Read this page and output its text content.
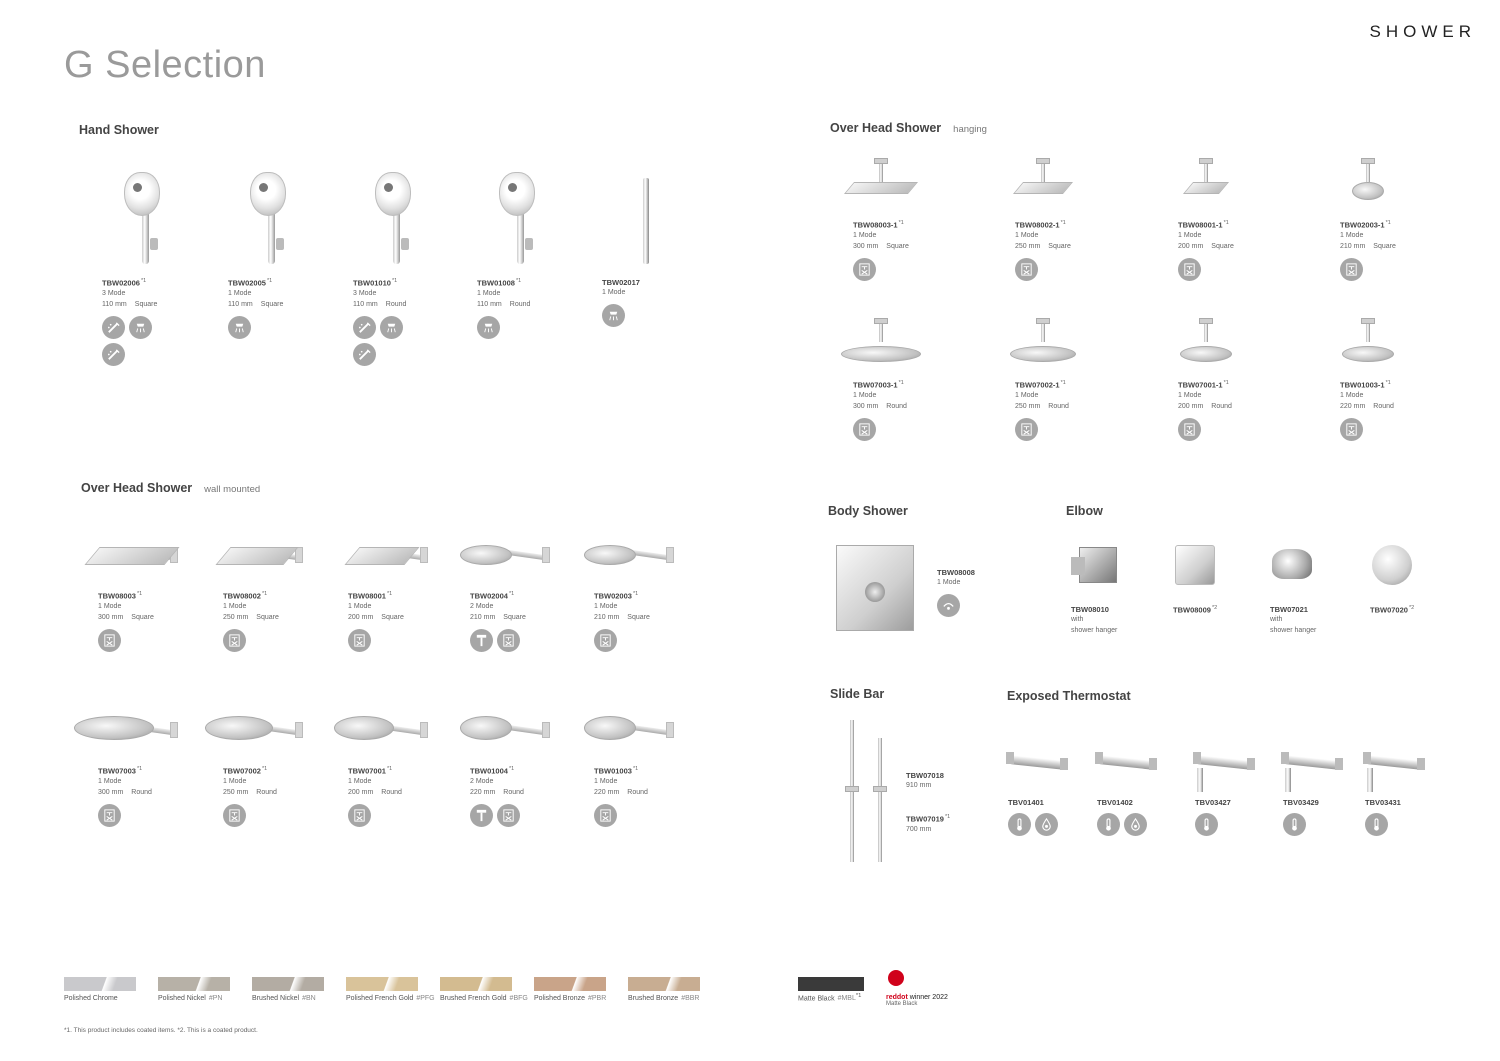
SHOWER
G Selection
Hand Shower	Over Head Shower hanging
Over Head Shower wall mounted
Body Shower	Elbow
Slide Bar	Exposed Thermostat
TBW02006$^{*1}$
3 Mode
110 mm Square
TBW02005$^{*1}$
1 Mode
110 mm Square
TBW01010$^{*1}$
3 Mode
110 mm Round
TBW01008$^{*1}$
1 Mode
110 mm Round
TBW02017
1 Mode
TBW08003-1$^{*1}$
1 Mode
300 mm Square
TBW08002-1$^{*1}$
1 Mode
250 mm Square
TBW08001-1$^{*1}$
1 Mode
200 mm Square
TBW02003-1$^{*1}$
1 Mode
210 mm Square
TBW07003-1$^{*1}$
1 Mode
300 mm Round
TBW07002-1$^{*1}$
1 Mode
250 mm Round
TBW07001-1$^{*1}$
1 Mode
200 mm Round
TBW01003-1$^{*1}$
1 Mode
220 mm Round
TBW08003$^{*1}$
1 Mode
300 mm Square
TBW08002$^{*1}$
1 Mode
250 mm Square
TBW08001$^{*1}$
1 Mode
200 mm Square
TBW02004$^{*1}$
2 Mode
210 mm Square
TBW02003$^{*1}$
1 Mode
210 mm Square
TBW07003$^{*1}$
1 Mode
300 mm Round
TBW07002$^{*1}$
1 Mode
250 mm Round
TBW07001$^{*1}$
1 Mode
200 mm Round
TBW01004$^{*1}$
2 Mode
220 mm Round
TBW01003$^{*1}$
1 Mode
220 mm Round
TBW08008
1 Mode
TBW08010
with
shower hanger
TBW08009$^{*2}$	TBW07021
with
shower hanger
TBW07020$^{*2}$
TBW07018
910 mm
TBW07019$^{*1}$
700 mm
TBV01401	TBV01402	TBV03427	TBV03429	TBV03431
Polished Chrome	Polished Nickel #PN	Brushed Nickel #BN	Polished French Gold #PFG Brushed French Gold #BFG Polished Bronze #PBR	Brushed Bronze #BBR	Matte Black #MBL$^{*1}$	reddot winner 2022
Matte Black
*1. This product includes coated items. *2. This is a coated product.
